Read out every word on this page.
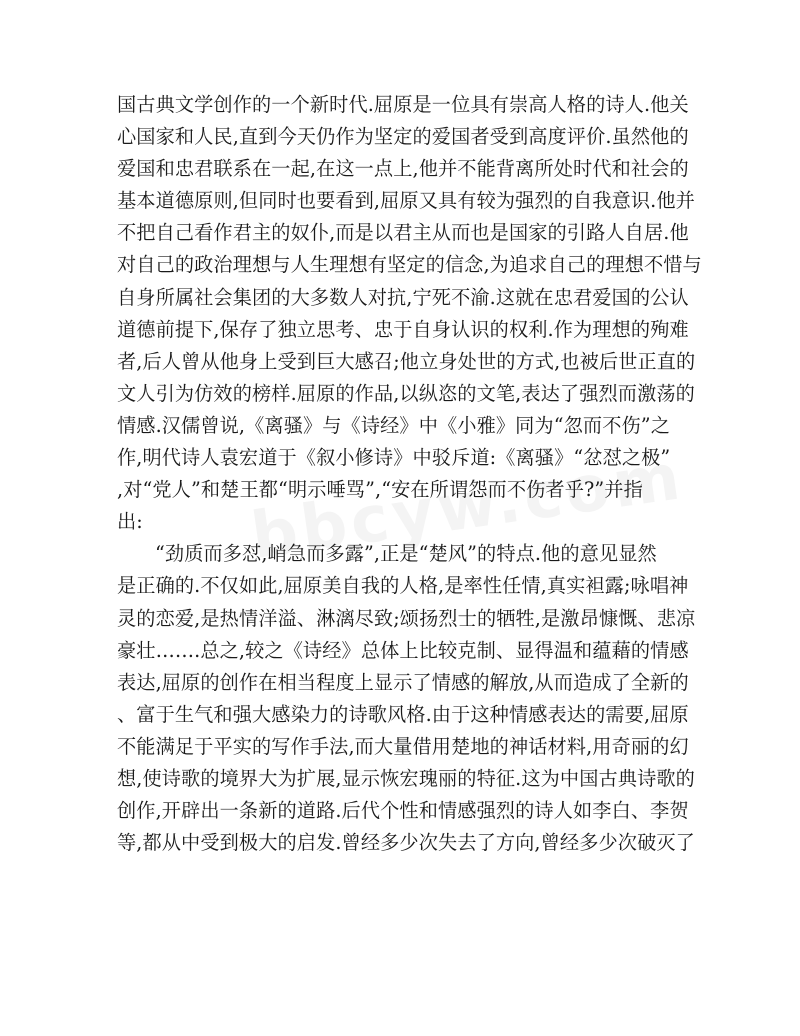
国古典文学创作的一个新时代.屈原是一位具有崇高人格的诗人.他关
心国家和人民,直到今天仍作为坚定的爱国者受到高度评价.虽然他的
爱国和忠君联系在一起,在这一点上,他并不能背离所处时代和社会的
基本道德原则,但同时也要看到,屈原又具有较为强烈的自我意识.他并
不把自己看作君主的奴仆,而是以君主从而也是国家的引路人自居.他
对自己的政治理想与人生理想有坚定的信念,为追求自己的理想不惜与
自身所属社会集团的大多数人对抗,宁死不渝.这就在忠君爱国的公认
道德前提下,保存了独立思考、忠于自身认识的权利.作为理想的殉难
者,后人曾从他身上受到巨大感召;他立身处世的方式,也被后世正直的
文人引为仿效的榜样.屈原的作品,以纵恣的文笔,表达了强烈而激荡的
情感.汉儒曾说,《离骚》与《诗经》中《小雅》同为“忽而不伤”之
作,明代诗人袁宏道于《叙小修诗》中驳斥道:《离骚》“忿怼之极”
,对“党人”和楚王都“明示唾骂”,“安在所谓怨而不伤者乎?”并指
出:
“劲质而多怼,峭急而多露”,正是“楚风”的特点.他的意见显然
是正确的.不仅如此,屈原美自我的人格,是率性任情,真实袒露;咏唱神
灵的恋爱,是热情洋溢、淋漓尽致;颂扬烈士的牺牲,是激昂慷慨、悲凉
豪壮…….总之,较之《诗经》总体上比较克制、显得温和蕴藉的情感
表达,屈原的创作在相当程度上显示了情感的解放,从而造成了全新的
、富于生气和强大感染力的诗歌风格.由于这种情感表达的需要,屈原
不能满足于平实的写作手法,而大量借用楚地的神话材料,用奇丽的幻
想,使诗歌的境界大为扩展,显示恢宏瑰丽的特征.这为中国古典诗歌的
创作,开辟出一条新的道路.后代个性和情感强烈的诗人如李白、李贺
等,都从中受到极大的启发.曾经多少次失去了方向,曾经多少次破灭了
